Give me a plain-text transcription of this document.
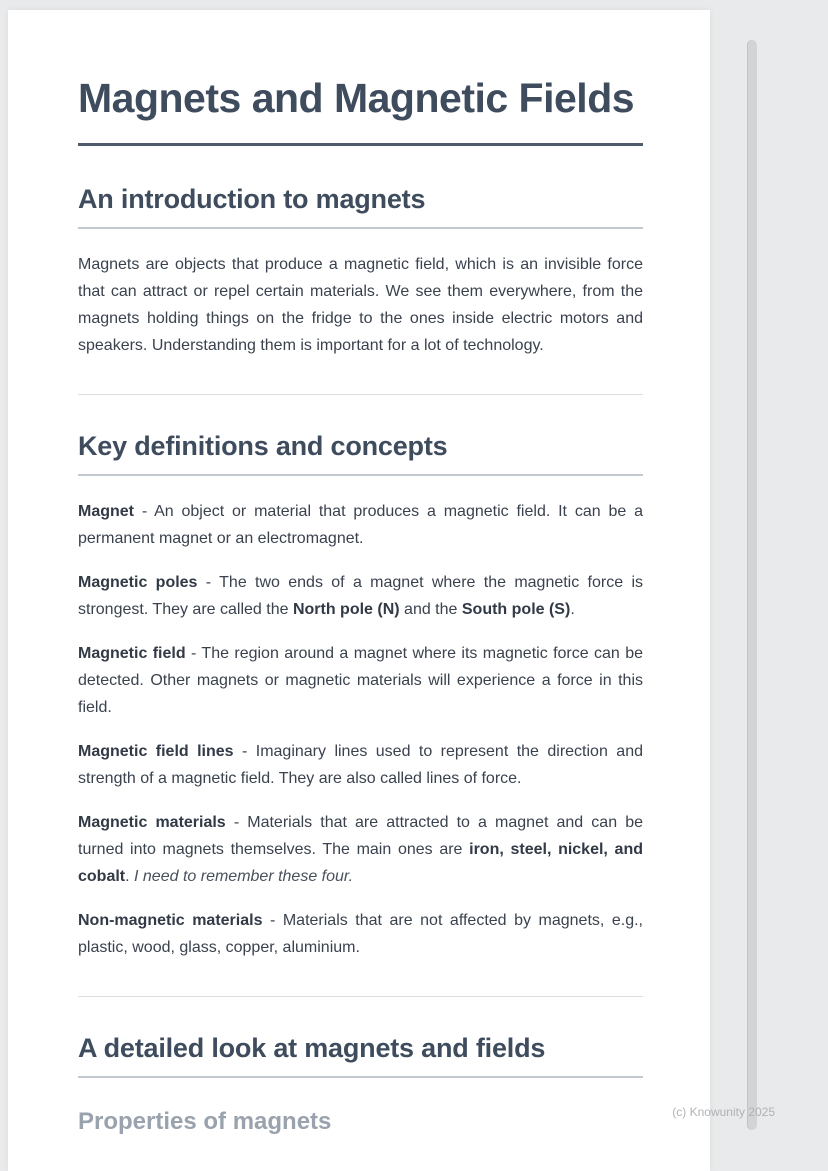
Magnets and Magnetic Fields
An introduction to magnets

Magnets are objects that produce a magnetic field, which is an invisible force that can attract or repel certain materials. We see them everywhere, from the magnets holding things on the fridge to the ones inside electric motors and speakers. Understanding them is important for a lot of technology.

Key definitions and concepts

Magnet - An object or material that produces a magnetic field. It can be a permanent magnet or an electromagnet.

Magnetic poles - The two ends of a magnet where the magnetic force is strongest. They are called the North pole (N) and the South pole (S).

Magnetic field - The region around a magnet where its magnetic force can be detected. Other magnets or magnetic materials will experience a force in this field.

Magnetic field lines - Imaginary lines used to represent the direction and strength of a magnetic field. They are also called lines of force.

Magnetic materials - Materials that are attracted to a magnet and can be turned into magnets themselves. The main ones are iron, steel, nickel, and cobalt. I need to remember these four.

Non-magnetic materials - Materials that are not affected by magnets, e.g., plastic, wood, glass, copper, aluminium.

A detailed look at magnets and fields
Properties of magnets	(c) Knowunity 2025
